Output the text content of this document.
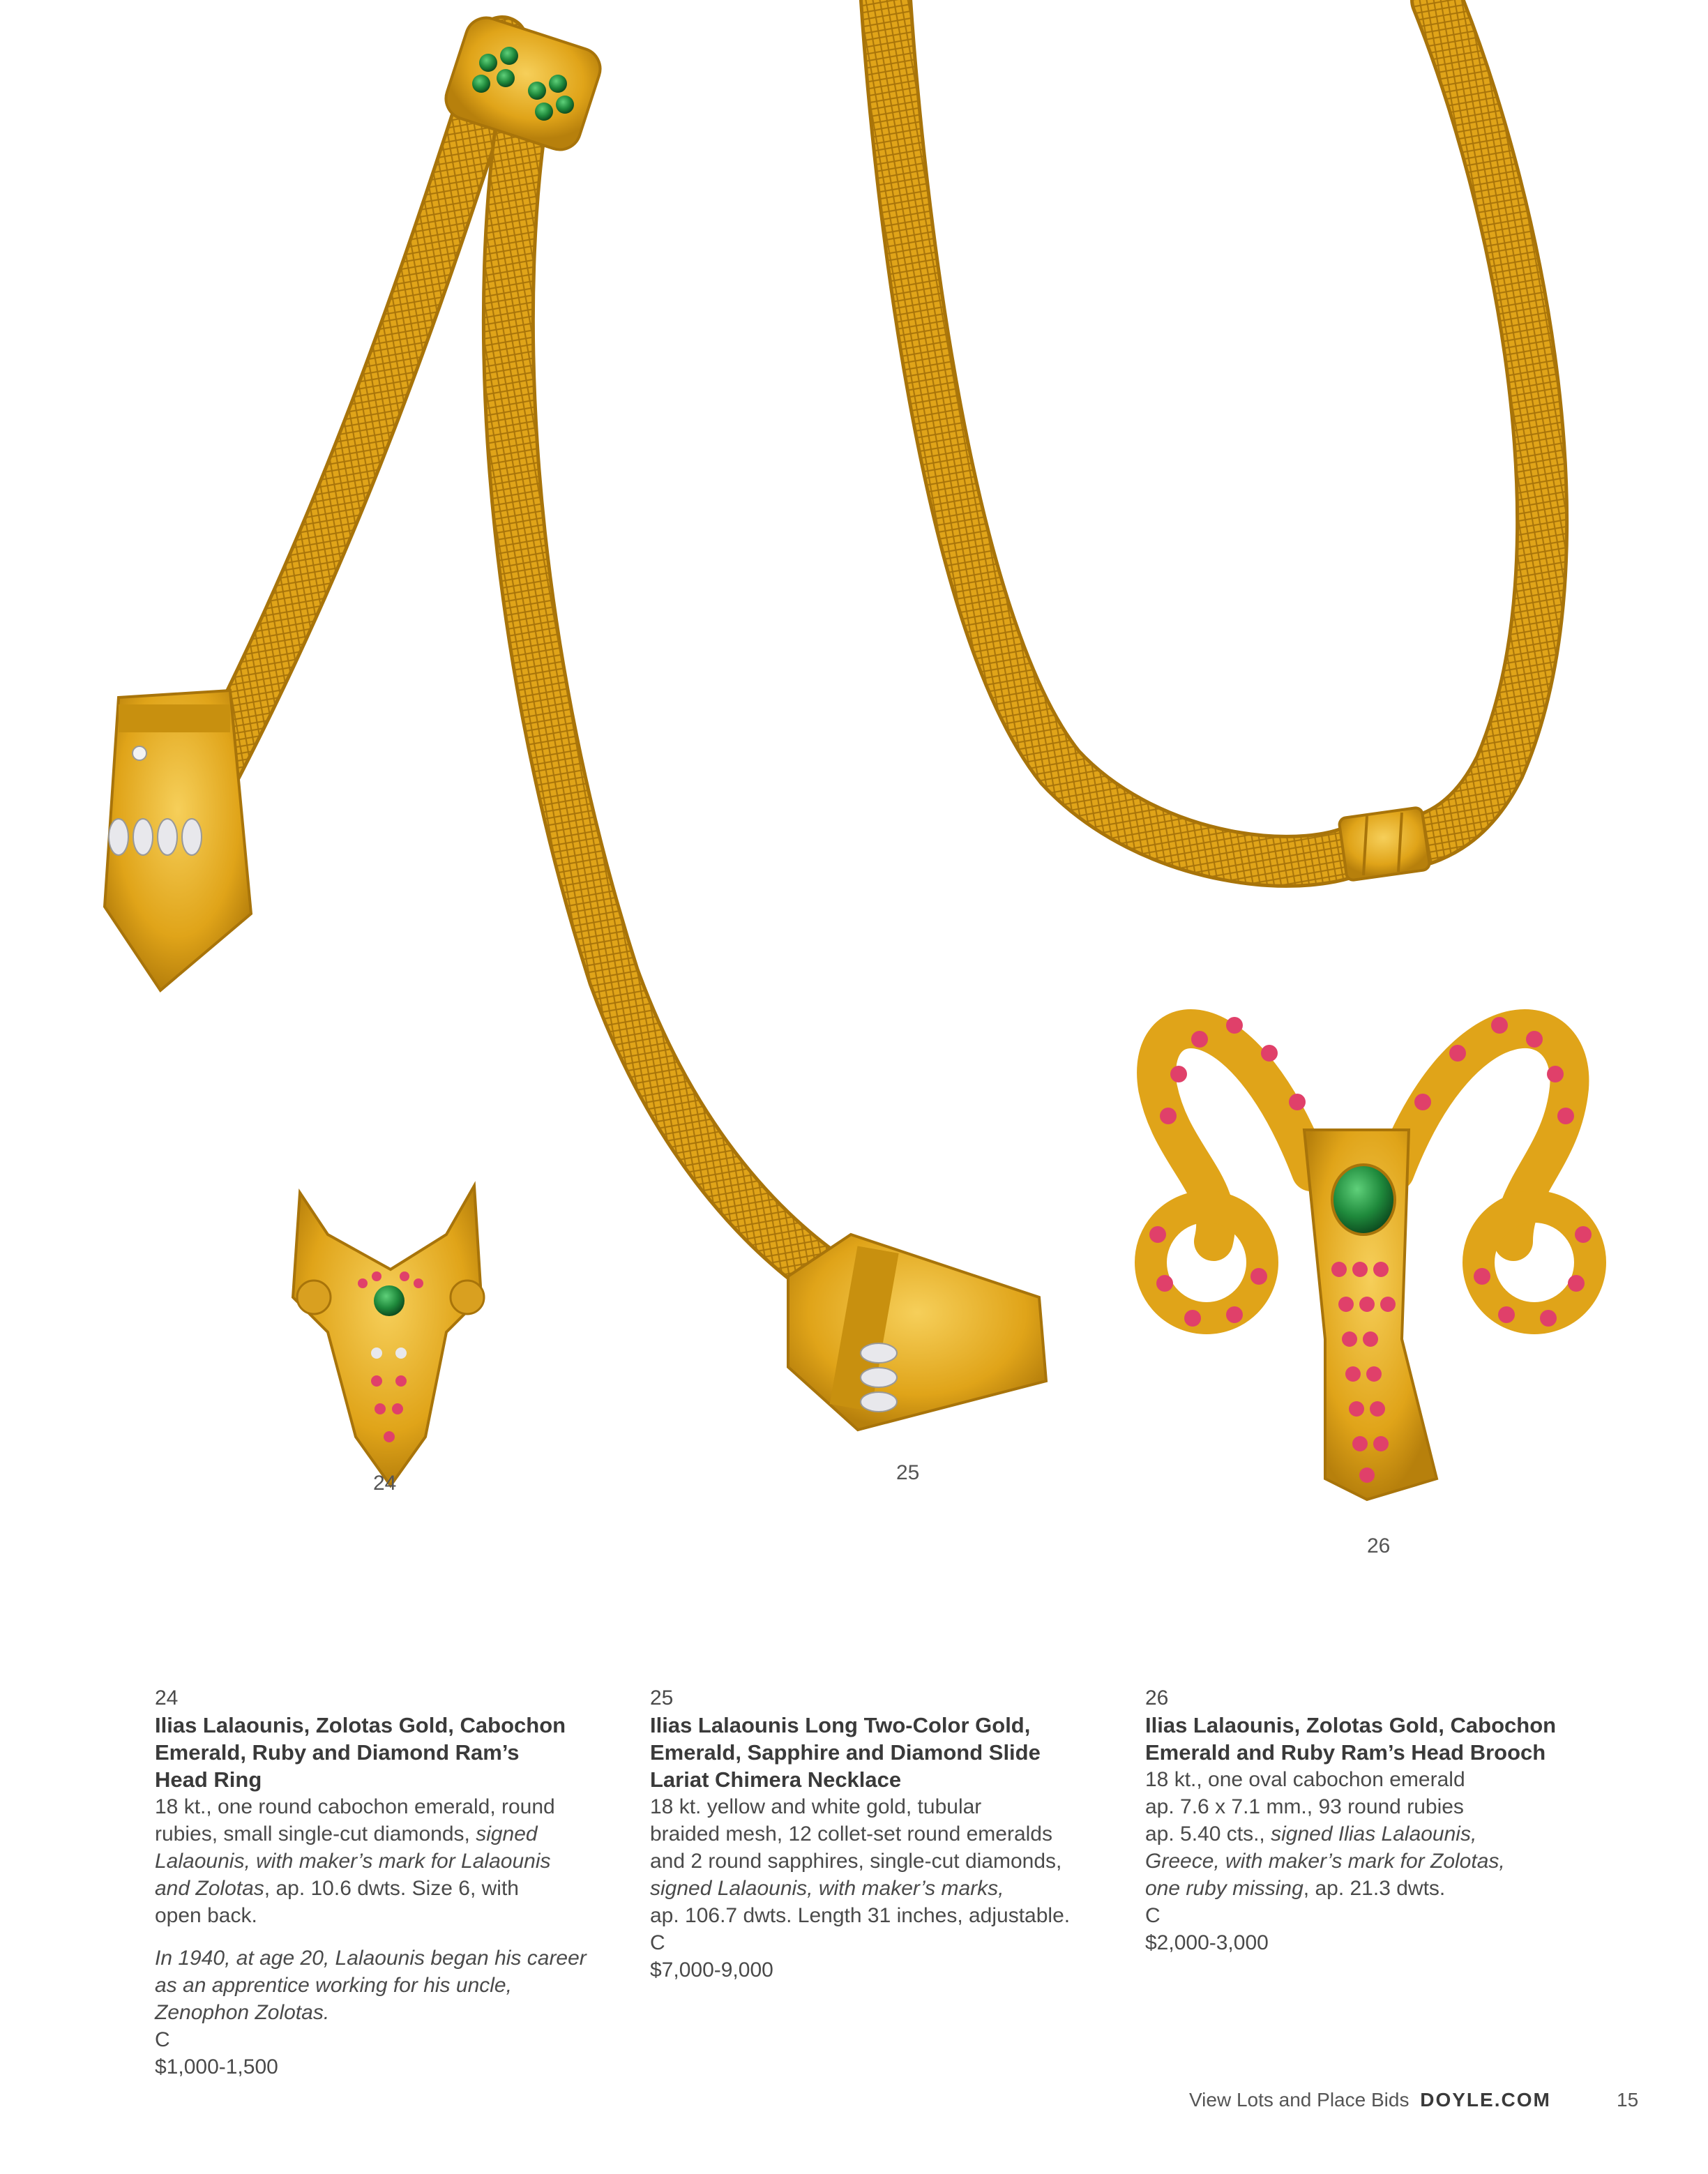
24	25
26
24
Ilias Lalaounis, Zolotas Gold, Cabochon
Emerald, Ruby and Diamond Ram’s
Head Ring
18 kt., one round cabochon emerald, round
rubies, small single-cut diamonds, signed
Lalaounis, with maker’s mark for Lalaounis
and Zolotas, ap. 10.6 dwts. Size 6, with
open back.
In 1940, at age 20, Lalaounis began his career
as an apprentice working for his uncle,
Zenophon Zolotas.
C
$1,000-1,500
25
Ilias Lalaounis Long Two-Color Gold,
Emerald, Sapphire and Diamond Slide
Lariat Chimera Necklace
18 kt. yellow and white gold, tubular
braided mesh, 12 collet-set round emeralds
and 2 round sapphires, single-cut diamonds,
signed Lalaounis, with maker’s marks,
ap. 106.7 dwts. Length 31 inches, adjustable.
C
$7,000-9,000
26
Ilias Lalaounis, Zolotas Gold, Cabochon
Emerald and Ruby Ram’s Head Brooch
18 kt., one oval cabochon emerald
ap. 7.6 x 7.1 mm., 93 round rubies
ap. 5.40 cts., signed Ilias Lalaounis,
Greece, with maker’s mark for Zolotas,
one ruby missing, ap. 21.3 dwts.
C
$2,000-3,000
View Lots and Place Bids DOYLE.COM	15
